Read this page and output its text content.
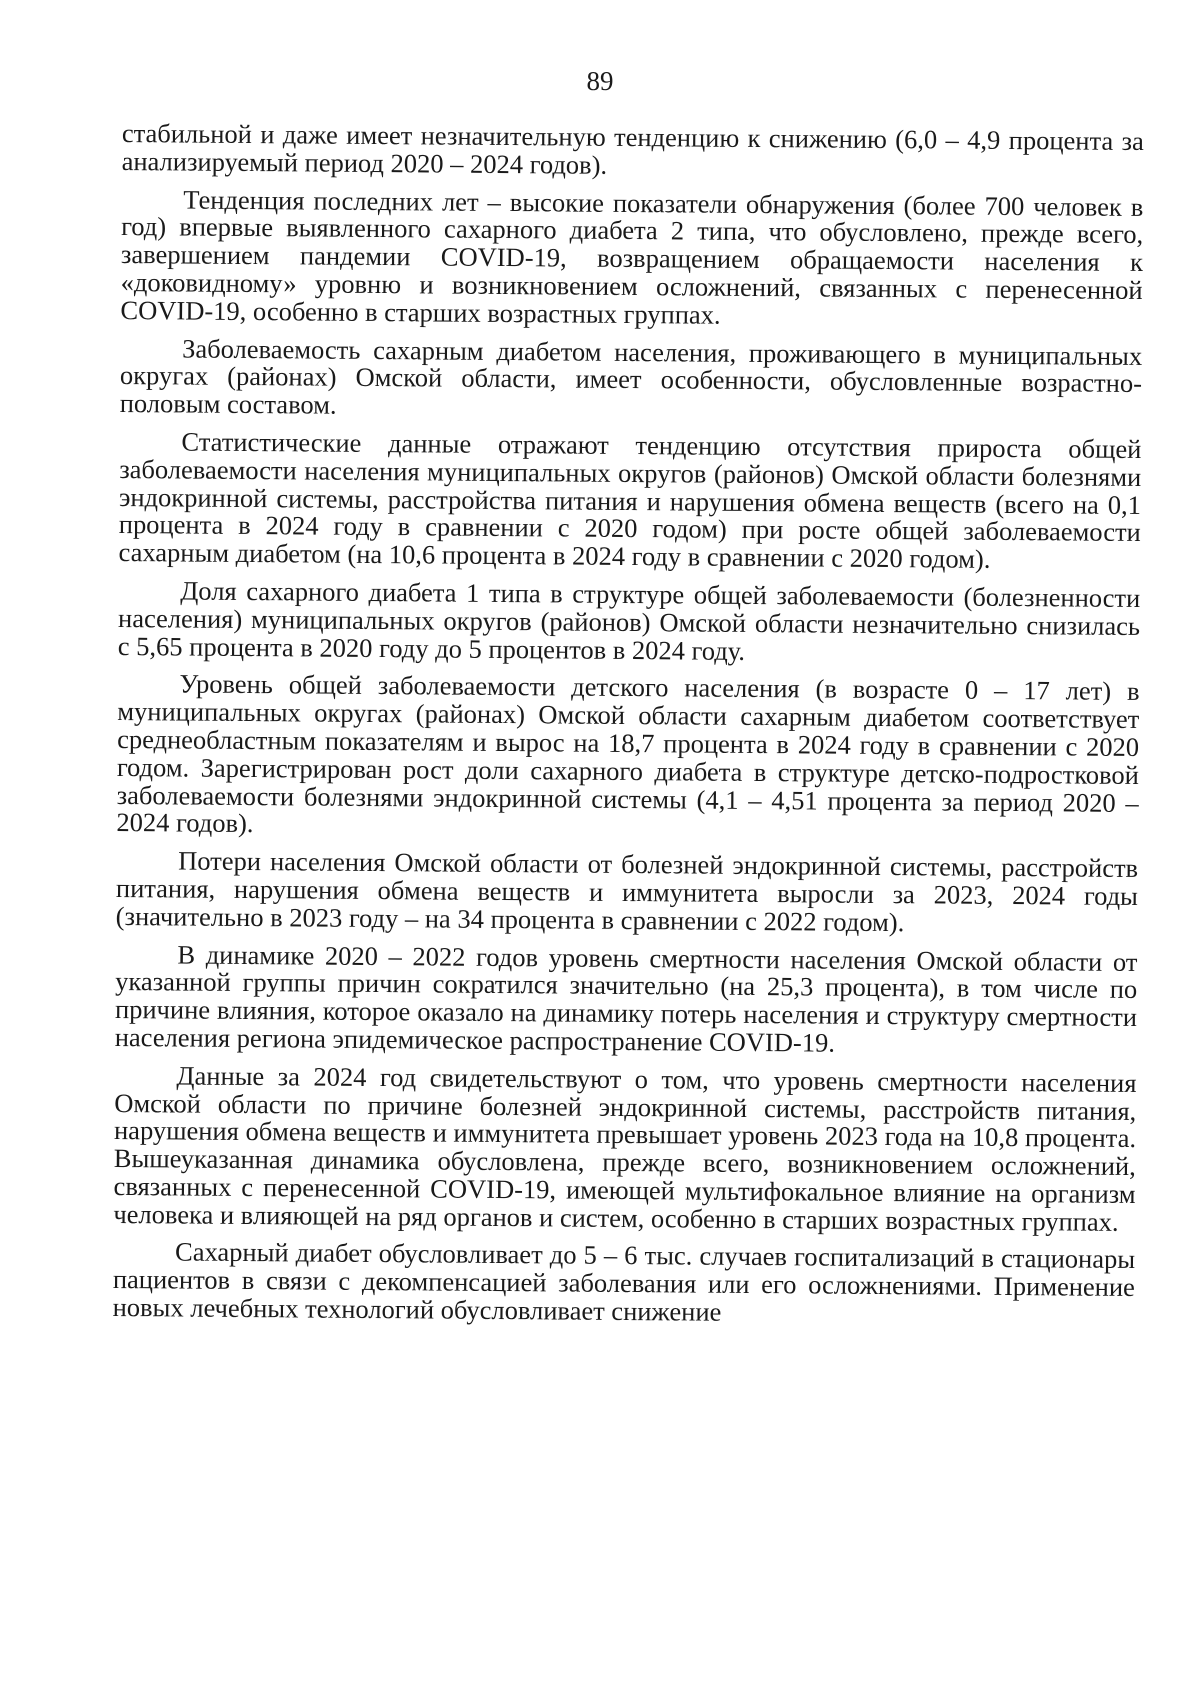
89

стабильной и даже имеет незначительную тенденцию к снижению (6,0 – 4,9 процента за анализируемый период 2020 – 2024 годов).

Тенденция последних лет – высокие показатели обнаружения (более 700 человек в год) впервые выявленного сахарного диабета 2 типа, что обусловлено, прежде всего, завершением пандемии COVID-19, возвращением обращаемости населения к «доковидному» уровню и возникновением осложнений, связанных с перенесенной COVID-19, особенно в старших возрастных группах.

Заболеваемость сахарным диабетом населения, проживающего в муниципальных округах (районах) Омской области, имеет особенности, обусловленные возрастно-половым составом.

Статистические данные отражают тенденцию отсутствия прироста общей заболеваемости населения муниципальных округов (районов) Омской области болезнями эндокринной системы, расстройства питания и нарушения обмена веществ (всего на 0,1 процента в 2024 году в сравнении с 2020 годом) при росте общей заболеваемости сахарным диабетом (на 10,6 процента в 2024 году в сравнении с 2020 годом).

Доля сахарного диабета 1 типа в структуре общей заболеваемости (болезненности населения) муниципальных округов (районов) Омской области незначительно снизилась с 5,65 процента в 2020 году до 5 процентов в 2024 году.

Уровень общей заболеваемости детского населения (в возрасте 0 – 17 лет) в муниципальных округах (районах) Омской области сахарным диабетом соответствует среднеобластным показателям и вырос на 18,7 процента в 2024 году в сравнении с 2020 годом. Зарегистрирован рост доли сахарного диабета в структуре детско-подростковой заболеваемости болезнями эндокринной системы (4,1 – 4,51 процента за период 2020 – 2024 годов).

Потери населения Омской области от болезней эндокринной системы, расстройств питания, нарушения обмена веществ и иммунитета выросли за 2023, 2024 годы (значительно в 2023 году – на 34 процента в сравнении с 2022 годом).

В динамике 2020 – 2022 годов уровень смертности населения Омской области от указанной группы причин сократился значительно (на 25,3 процента), в том числе по причине влияния, которое оказало на динамику потерь населения и структуру смертности населения региона эпидемическое распространение COVID-19.

Данные за 2024 год свидетельствуют о том, что уровень смертности населения Омской области по причине болезней эндокринной системы, расстройств питания, нарушения обмена веществ и иммунитета превышает уровень 2023 года на 10,8 процента. Вышеуказанная динамика обусловлена, прежде всего, возникновением осложнений, связанных с перенесенной COVID-19, имеющей мультифокальное влияние на организм человека и влияющей на ряд органов и систем, особенно в старших возрастных группах.

Сахарный диабет обусловливает до 5 – 6 тыс. случаев госпитализаций в стационары пациентов в связи с декомпенсацией заболевания или его осложнениями. Применение новых лечебных технологий обусловливает снижение
